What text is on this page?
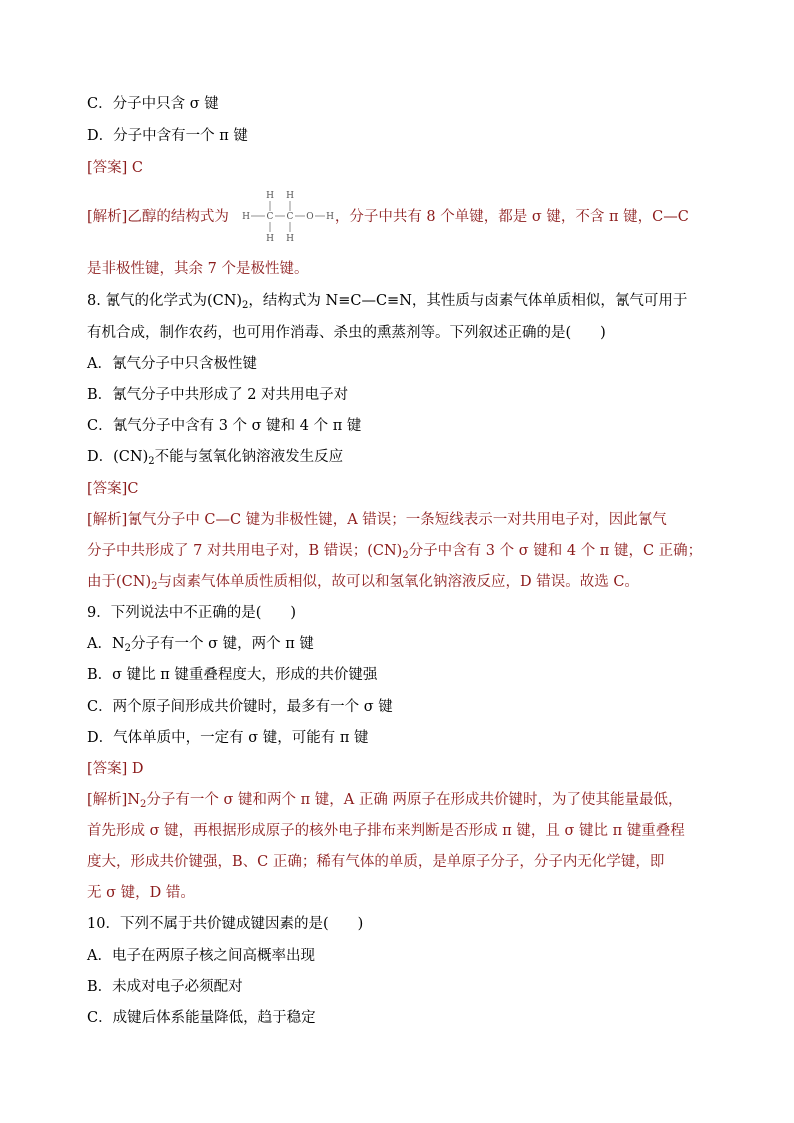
C．分子中只含 σ 键
D．分子中含有一个 π 键
[答案] C
[解析]乙醇的结构式为	，分子中共有 8 个单键，都是 σ 键，不含 π 键，C—C
H H
H C C O H
H H
是非极性键，其余 7 个是极性键。
8. 氰气的化学式为$(CN)_2$，结构式为 N≡C—C≡N，其性质与卤素气体单质相似，氰气可用于
有机合成，制作农药，也可用作消毒、杀虫的熏蒸剂等。下列叙述正确的是(　　)
A．氰气分子中只含极性键
B．氰气分子中共形成了 2 对共用电子对
C．氰气分子中含有 3 个 σ 键和 4 个 π 键
D．$(CN)_2$不能与氢氧化钠溶液发生反应
[答案]C
[解析]氰气分子中 C—C 键为非极性键，A 错误；一条短线表示一对共用电子对，因此氰气
分子中共形成了 7 对共用电子对，B 错误；$(CN)_2$分子中含有 3 个 σ 键和 4 个 π 键，C 正确；
由于$(CN)_2$与卤素气体单质性质相似，故可以和氢氧化钠溶液反应，D 错误。故选 C。
9．下列说法中不正确的是(　　)
A．$N_2$分子有一个 σ 键，两个 π 键
B．σ 键比 π 键重叠程度大，形成的共价键强
C．两个原子间形成共价键时，最多有一个 σ 键
D．气体单质中，一定有 σ 键，可能有 π 键
[答案] D
[解析]$N_2$分子有一个 σ 键和两个 π 键，A 正确 两原子在形成共价键时，为了使其能量最低，
首先形成 σ 键，再根据形成原子的核外电子排布来判断是否形成 π 键，且 σ 键比 π 键重叠程
度大，形成共价键强，B、C 正确；稀有气体的单质，是单原子分子，分子内无化学键，即
无 σ 键，D 错。
10．下列不属于共价键成键因素的是(　　)
A．电子在两原子核之间高概率出现
B．未成对电子必须配对
C．成键后体系能量降低，趋于稳定
